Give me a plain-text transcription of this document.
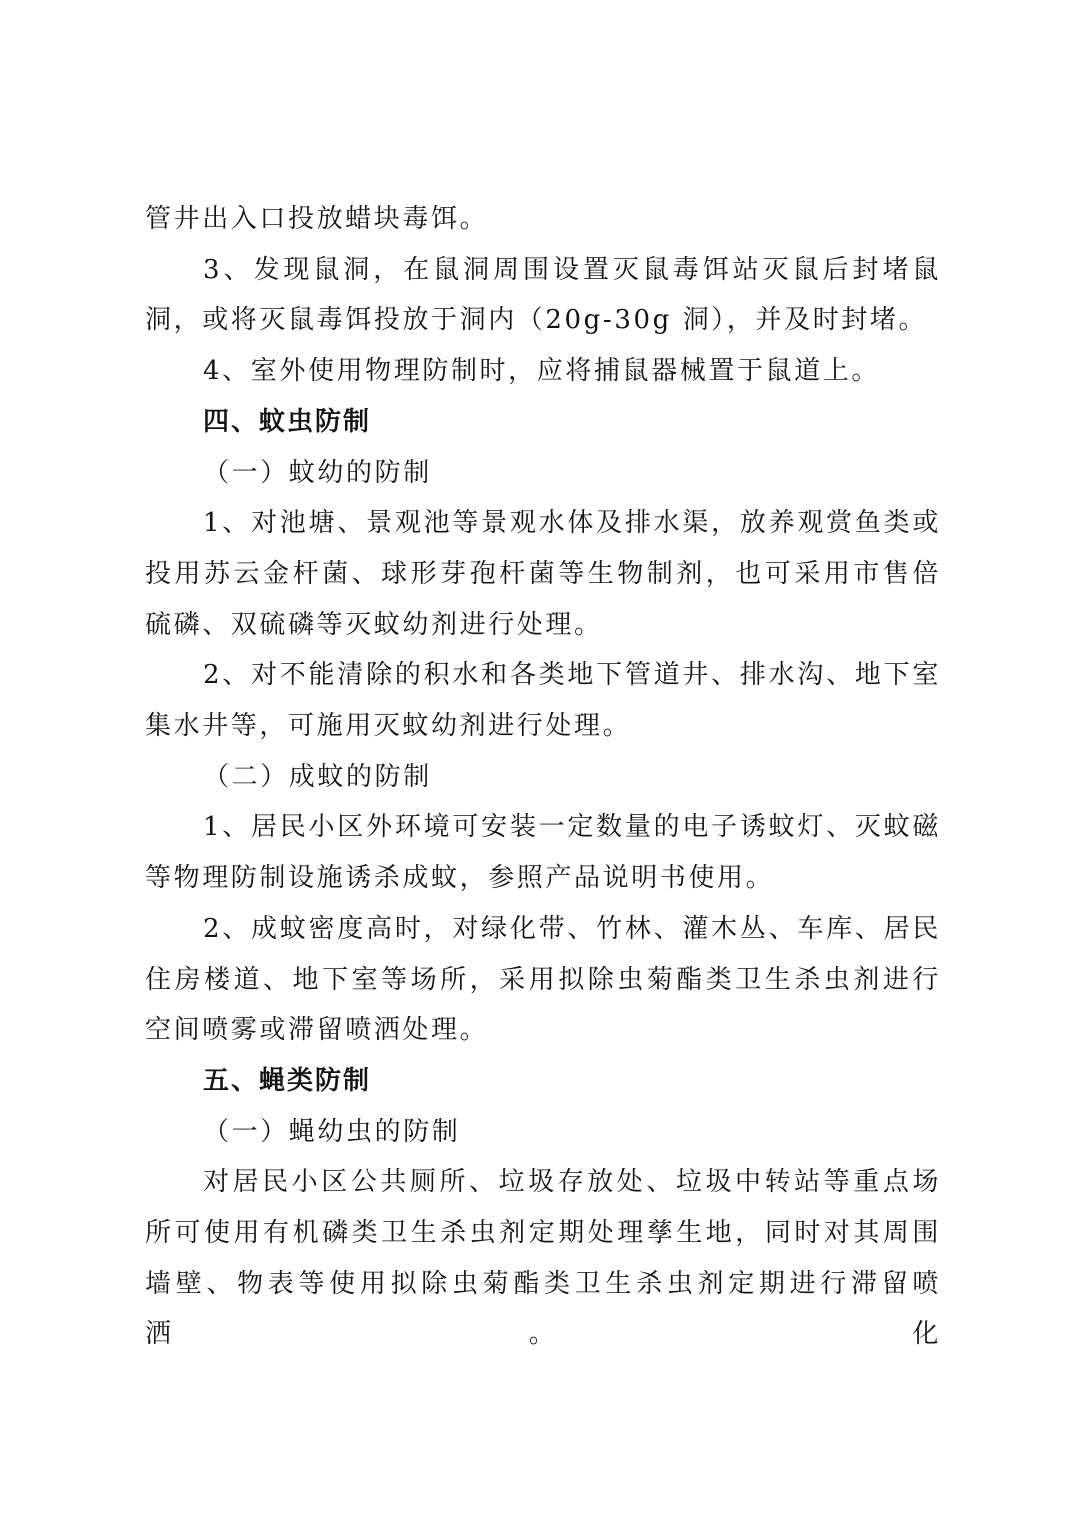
管井出入口投放蜡块毒饵。

3、发现鼠洞，在鼠洞周围设置灭鼠毒饵站灭鼠后封堵鼠洞，或将灭鼠毒饵投放于洞内（20g-30g 洞），并及时封堵。

4、室外使用物理防制时，应将捕鼠器械置于鼠道上。

四、蚊虫防制

（一）蚊幼的防制

1、对池塘、景观池等景观水体及排水渠，放养观赏鱼类或投用苏云金杆菌、球形芽孢杆菌等生物制剂，也可采用市售倍硫磷、双硫磷等灭蚊幼剂进行处理。

2、对不能清除的积水和各类地下管道井、排水沟、地下室集水井等，可施用灭蚊幼剂进行处理。

（二）成蚊的防制

1、居民小区外环境可安装一定数量的电子诱蚊灯、灭蚊磁等物理防制设施诱杀成蚊，参照产品说明书使用。

2、成蚊密度高时，对绿化带、竹林、灌木丛、车库、居民住房楼道、地下室等场所，采用拟除虫菊酯类卫生杀虫剂进行空间喷雾或滞留喷洒处理。

五、蝇类防制

（一）蝇幼虫的防制

对居民小区公共厕所、垃圾存放处、垃圾中转站等重点场所可使用有机磷类卫生杀虫剂定期处理孳生地，同时对其周围墙壁、物表等使用拟除虫菊酯类卫生杀虫剂定期进行滞留喷洒。化
